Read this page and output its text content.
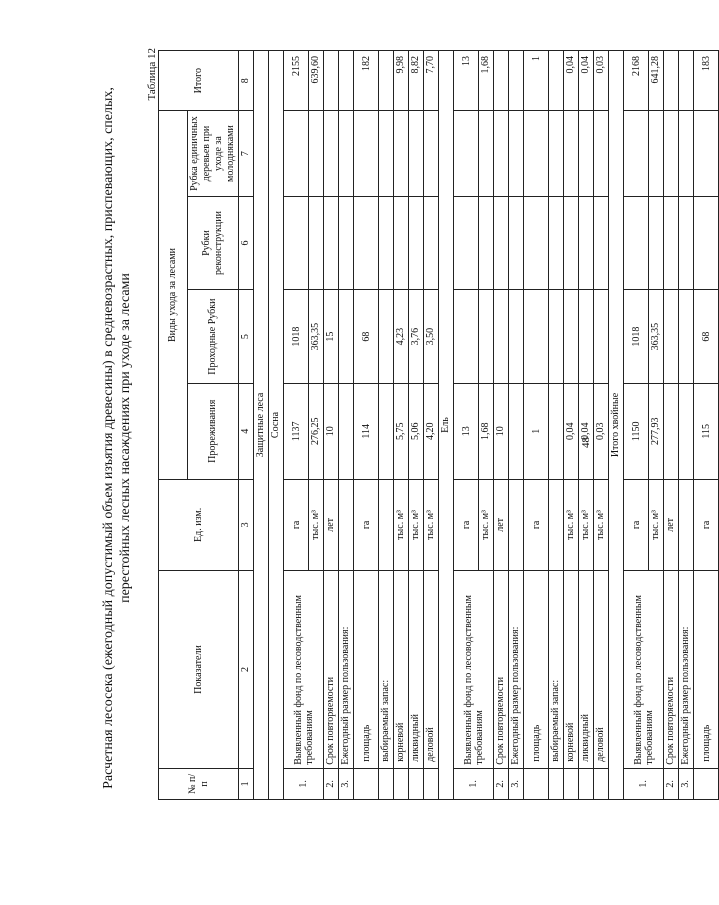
Расчетная лесосека (ежегодный допустимый объем изъятия древесины) в средневозрастных, приспевающих, спелых, перестойных лесных насаждениях при уходе за лесами
Таблица 12
№ п/п	Показатели	Ед. изм.	Виды ухода за лесами				Итого
			Прореживания	Проходные Рубки	Рубки реконструкции	Рубка единичных деревьев при уходе за молодняками	
1	2	3	4	5	6	7	8
Защитные леса							
Сосна							
1.	Выявленный фонд по лесоводственным требованиям	га	1137	1018			2155
		тыс. м³	276,25	363,35			639,60
2.	Срок повторяемости	лет	10	15			
3.	Ежегодный размер пользования:						
	площадь	га	114	68			182
	выбираемый запас:						
	корневой	тыс. м³	5,75	4,23			9,98
	ликвидный	тыс. м³	5,06	3,76			8,82
	деловой	тыс. м³	4,20	3,50			7,70
Ель							
1.	Выявленный фонд по лесоводственным требованиям	га	13				13
		тыс. м³	1,68				1,68
2.	Срок повторяемости	лет	10				
3.	Ежегодный размер пользования:						
	площадь	га	1				1
	выбираемый запас:						
	корневой	тыс. м³	0,04				0,04
	ликвидный	тыс. м³	0,04				0,04
	деловой	тыс. м³	0,03				0,03
Итого хвойные							
1.	Выявленный фонд по лесоводственным требованиям	га	1150	1018			2168
		тыс. м³	277,93	363,35			641,28
2.	Срок повторяемости	лет					
3.	Ежегодный размер пользования:						
	площадь	га	115	68			183
48
